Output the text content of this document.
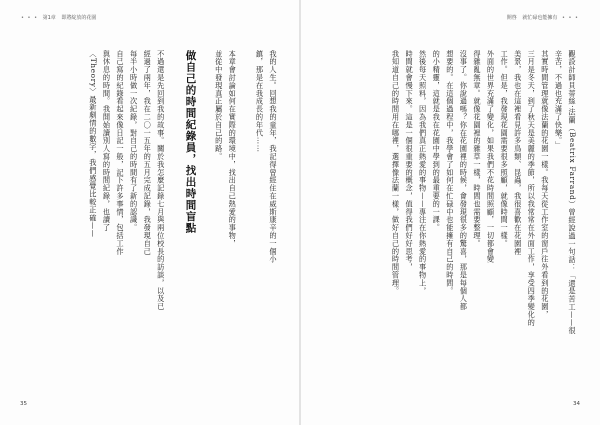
• • • 第1章 即將綻放的花園
我的人生。回想我的童年，我記得曾經住在威斯康辛的一個小
鎮，那是在我成長的年代……
本章會討論如何在實際的環境中，找出自己熱愛的事物，
並從中發現真正屬於自己的路。
做自己的時間紀錄員，找出時間盲點
不過還是先回到我的故事。關於我怎麼記錄七月與兩位校長的訪談，以及已
經過了兩年，我在二〇一五年的五月完成記錄，我發現自己
每半小時做一次紀錄，對自己的時間有了新的認識。
自己寫的紀錄看起來像日記一般，記下許多事情，包括工作
與休息的時間。我開始讀別人寫的時間紀錄，也讀了
〈Theory〉最新劇情的數字，我們感覺比較正確——
35
開啓 就忙碌也能擁有 • • •
觀設計師貝蒂絲·法蘭（Beatrix Farrand）曾經說過一句話：「還是苦工——很
辛苦，不過也充滿了快樂。」
其實時間管理就像法蘭的花園一樣。我每天從工作室的窗戶往外看到的花園，
三月是冬天，到了秋天是美麗的季節，所以我常常在外面工作，享受四季變化的
美景，我也在這裡看見許多鳥類、昆蟲，我很喜歡在花園裡
工作。但是，我發現花園需要很多照顧，就像時間一樣。
外面的世界充滿了變化，如果我們不花時間照顧，一切都會變
得雜亂無章。就像花園裡的雜草一樣，時間也需要整理。
沒事了。你說過嗎？你在花園裡的時候，會發現很多的驚喜，那是每個人都
想要的。在這個過程中，我學會了如何在忙碌中也能擁有自己的時間。
的小精靈，這就是我在花園中學到的最重要的一課。
然後每天照料，因為我們真正熱愛的事物——專注在你熱愛的事物上，
時間就會慢下來。這是一個很重要的概念，值得我們好好思考，
我知道自己的時間用在哪裡，選擇像法蘭一樣，做好自己的時間管理。
34
